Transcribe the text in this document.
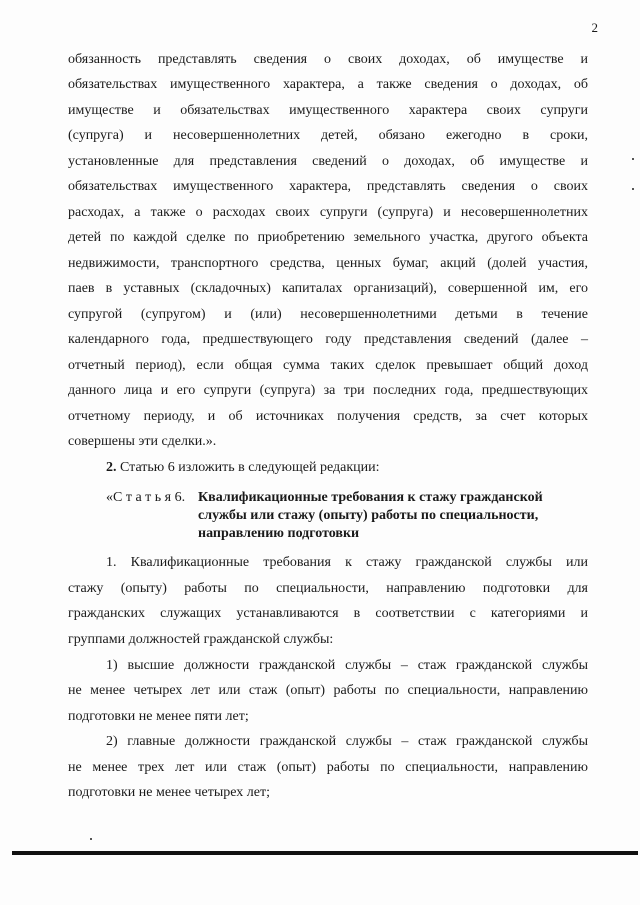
2
обязанность представлять сведения о своих доходах, об имуществе и
обязательствах имущественного характера, а также сведения о доходах, об
имуществе и обязательствах имущественного характера своих супруги
(супруга) и несовершеннолетних детей, обязано ежегодно в сроки,
установленные для представления сведений о доходах, об имуществе и
обязательствах имущественного характера, представлять сведения о своих
расходах, а также о расходах своих супруги (супруга) и несовершеннолетних
детей по каждой сделке по приобретению земельного участка, другого объекта
недвижимости, транспортного средства, ценных бумаг, акций (долей участия,
паев в уставных (складочных) капиталах организаций), совершенной им, его
супругой (супругом) и (или) несовершеннолетними детьми в течение
календарного года, предшествующего году представления сведений (далее –
отчетный период), если общая сумма таких сделок превышает общий доход
данного лица и его супруги (супруга) за три последних года, предшествующих
отчетному периоду, и об источниках получения средств, за счет которых
совершены эти сделки.».
2. Статью 6 изложить в следующей редакции:
«С т а т ь я 6. Квалификационные требования к стажу гражданской
службы или стажу (опыту) работы по специальности,
направлению подготовки
1. Квалификационные требования к стажу гражданской службы или
стажу (опыту) работы по специальности, направлению подготовки для
гражданских служащих устанавливаются в соответствии с категориями и
группами должностей гражданской службы:
1) высшие должности гражданской службы – стаж гражданской службы
не менее четырех лет или стаж (опыт) работы по специальности, направлению
подготовки не менее пяти лет;
2) главные должности гражданской службы – стаж гражданской службы
не менее трех лет или стаж (опыт) работы по специальности, направлению
подготовки не менее четырех лет;
